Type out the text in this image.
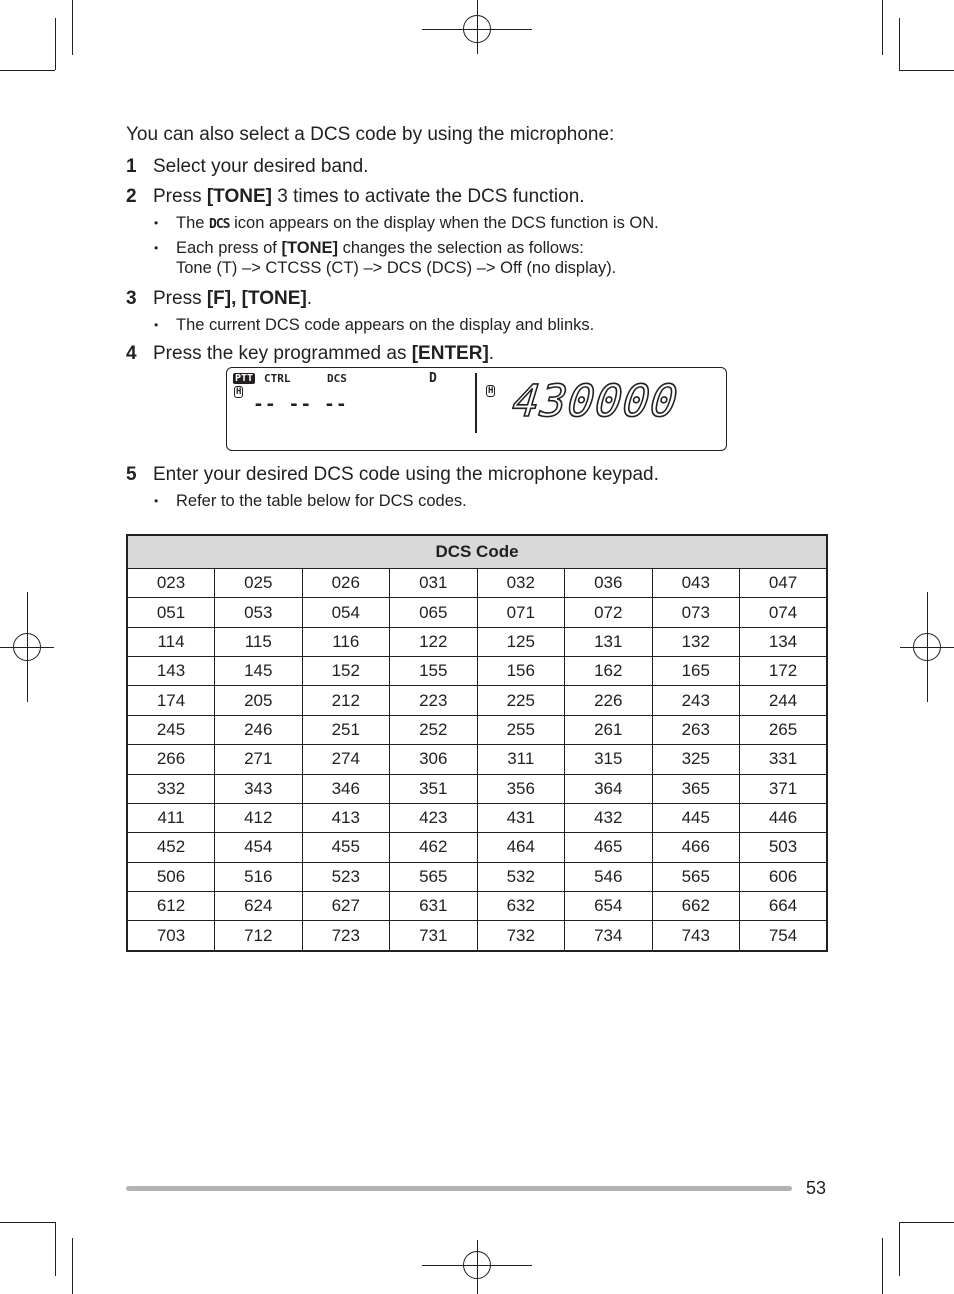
You can also select a DCS code by using the microphone:

1 Select your desired band.
2 Press [TONE] 3 times to activate the DCS function.
•	The DCS icon appears on the display when the DCS function is ON.
•	Each press of [TONE] changes the selection as follows:
Tone (T) –> CTCSS (CT) –> DCS (DCS) –> Off (no display).
3 Press [F], [TONE].
•	The current DCS code appears on the display and blinks.
4 Press the key programmed as [ENTER].
PTT CTRL	DCS	D
H
-- -- --
H 430000
5 Enter your desired DCS code using the microphone keypad.
•	Refer to the table below for DCS codes.
DCS Code							
023	025	026	031	032	036	043	047
051	053	054	065	071	072	073	074
114	115	116	122	125	131	132	134
143	145	152	155	156	162	165	172
174	205	212	223	225	226	243	244
245	246	251	252	255	261	263	265
266	271	274	306	311	315	325	331
332	343	346	351	356	364	365	371
411	412	413	423	431	432	445	446
452	454	455	462	464	465	466	503
506	516	523	565	532	546	565	606
612	624	627	631	632	654	662	664
703	712	723	731	732	734	743	754
53
